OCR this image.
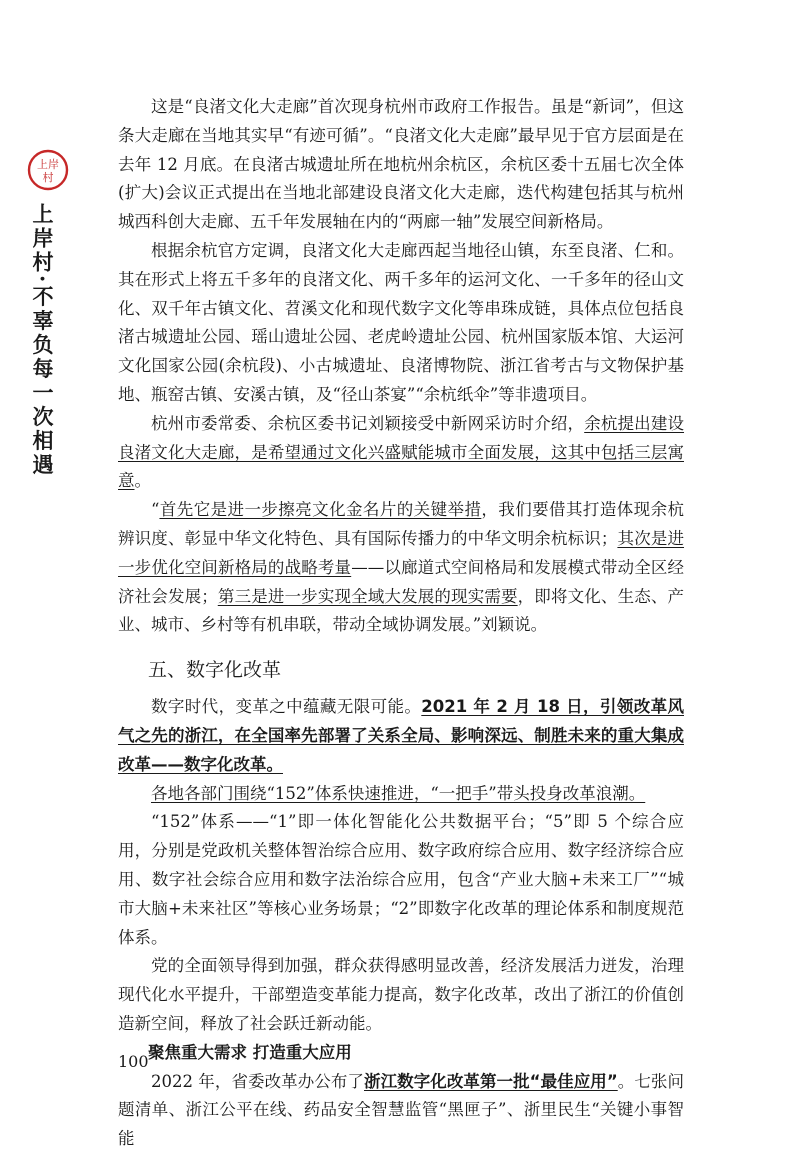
上岸
村
上岸村·不辜负每一次相遇

这是“良渚文化大走廊”首次现身杭州市政府工作报告。虽是“新词”，但这条大走廊在当地其实早“有迹可循”。“良渚文化大走廊”最早见于官方层面是在去年 12 月底。在良渚古城遗址所在地杭州余杭区，余杭区委十五届七次全体(扩大)会议正式提出在当地北部建设良渚文化大走廊，迭代构建包括其与杭州城西科创大走廊、五千年发展轴在内的“两廊一轴”发展空间新格局。

根据余杭官方定调，良渚文化大走廊西起当地径山镇，东至良渚、仁和。其在形式上将五千多年的良渚文化、两千多年的运河文化、一千多年的径山文化、双千年古镇文化、苕溪文化和现代数字文化等串珠成链，具体点位包括良渚古城遗址公园、瑶山遗址公园、老虎岭遗址公园、杭州国家版本馆、大运河文化国家公园(余杭段)、小古城遗址、良渚博物院、浙江省考古与文物保护基地、瓶窑古镇、安溪古镇，及“径山茶宴”“余杭纸伞”等非遗项目。

杭州市委常委、余杭区委书记刘颖接受中新网采访时介绍，余杭提出建设良渚文化大走廊，是希望通过文化兴盛赋能城市全面发展，这其中包括三层寓意。

“首先它是进一步擦亮文化金名片的关键举措，我们要借其打造体现余杭辨识度、彰显中华文化特色、具有国际传播力的中华文明余杭标识；其次是进一步优化空间新格局的战略考量——以廊道式空间格局和发展模式带动全区经济社会发展；第三是进一步实现全域大发展的现实需要，即将文化、生态、产业、城市、乡村等有机串联，带动全域协调发展。”刘颖说。

五、数字化改革

数字时代，变革之中蕴藏无限可能。2021 年 2 月 18 日，引领改革风气之先的浙江，在全国率先部署了关系全局、影响深远、制胜未来的重大集成改革——数字化改革。

各地各部门围绕“152”体系快速推进，“一把手”带头投身改革浪潮。

“152”体系——“1”即一体化智能化公共数据平台；“5”即 5 个综合应用，分别是党政机关整体智治综合应用、数字政府综合应用、数字经济综合应用、数字社会综合应用和数字法治综合应用，包含“产业大脑+未来工厂”“城市大脑+未来社区”等核心业务场景；“2”即数字化改革的理论体系和制度规范体系。

党的全面领导得到加强，群众获得感明显改善，经济发展活力迸发，治理现代化水平提升，干部塑造变革能力提高，数字化改革，改出了浙江的价值创造新空间，释放了社会跃迁新动能。

聚焦重大需求 打造重大应用

2022 年，省委改革办公布了浙江数字化改革第一批“最佳应用”。七张问题清单、浙江公平在线、药品安全智慧监管“黑匣子”、浙里民生“关键小事智能

100
